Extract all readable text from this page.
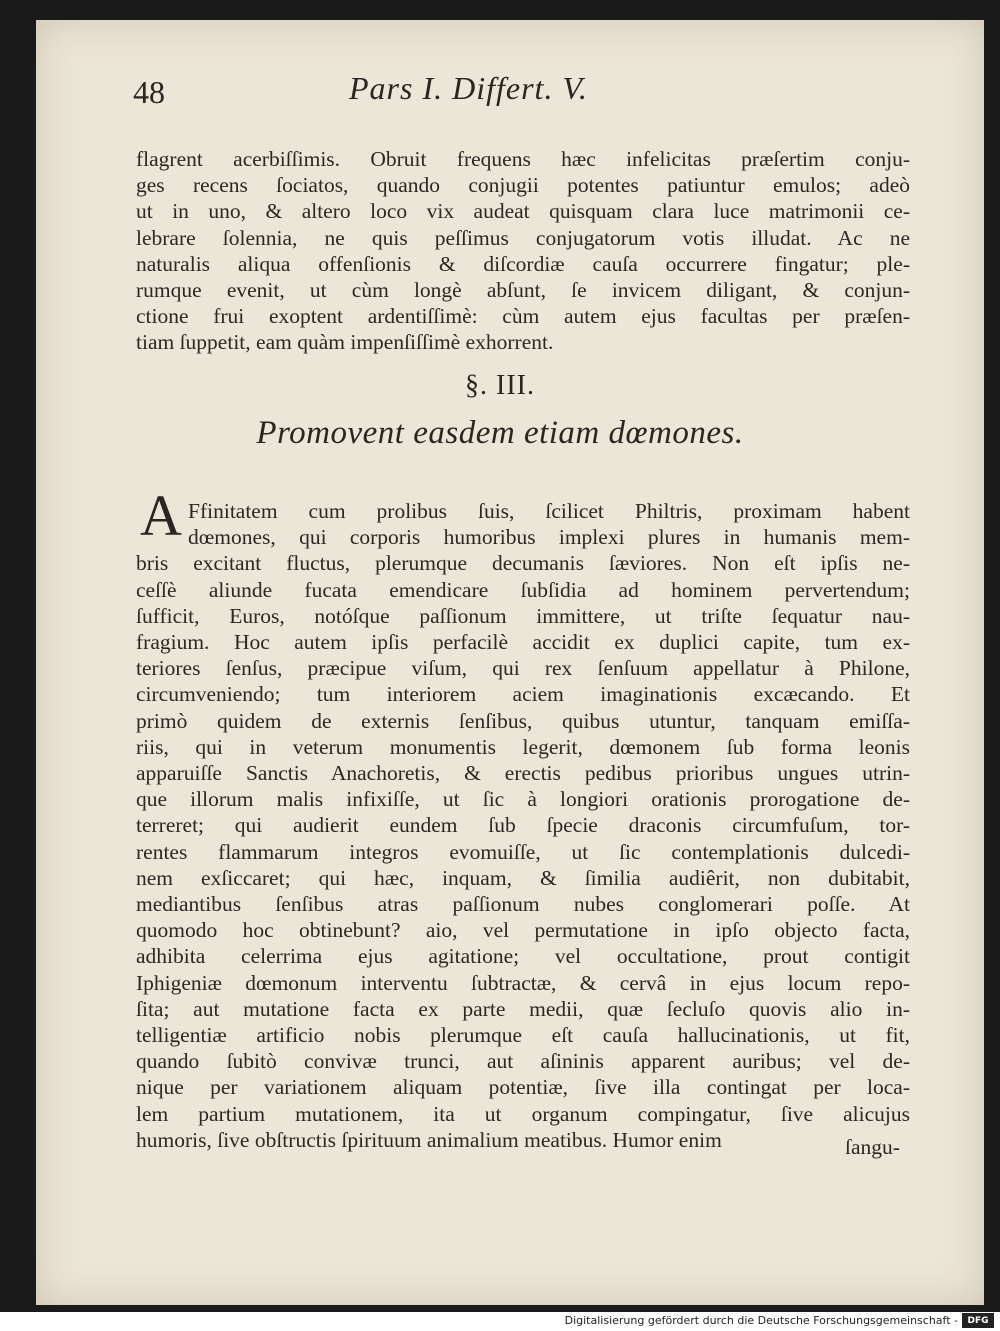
48	Pars I. Differt. V.
flagrent acerbiſſimis. Obruit frequens hæc infelicitas præſertim conju-
ges recens ſociatos, quando conjugii potentes patiuntur emulos; adeò
ut in uno, & altero loco vix audeat quisquam clara luce matrimonii ce-
lebrare ſolennia, ne quis peſſimus conjugatorum votis illudat. Ac ne
naturalis aliqua offenſionis & diſcordiæ cauſa occurrere fingatur; ple-
rumque evenit, ut cùm longè abſunt, ſe invicem diligant, & conjun-
ctione frui exoptent ardentiſſimè: cùm autem ejus facultas per præſen-
tiam ſuppetit, eam quàm impenſiſſimè exhorrent.
§. III.
Promovent easdem etiam dœmones.
A Ffinitatem cum prolibus ſuis, ſcilicet Philtris, proximam habent
dœmones, qui corporis humoribus implexi plures in humanis mem-
bris excitant fluctus, plerumque decumanis ſæviores. Non eſt ipſis ne-
ceſſè aliunde fucata emendicare ſubſidia ad hominem pervertendum;
ſufficit, Euros, notóſque paſſionum immittere, ut triſte ſequatur nau-
fragium. Hoc autem ipſis perfacilè accidit ex duplici capite, tum ex-
teriores ſenſus, præcipue viſum, qui rex ſenſuum appellatur à Philone,
circumveniendo; tum interiorem aciem imaginationis excæcando. Et
primò quidem de externis ſenſibus, quibus utuntur, tanquam emiſſa-
riis, qui in veterum monumentis legerit, dœmonem ſub forma leonis
apparuiſſe Sanctis Anachoretis, & erectis pedibus prioribus ungues utrin-
que illorum malis infixiſſe, ut ſic à longiori orationis prorogatione de-
terreret; qui audierit eundem ſub ſpecie draconis circumfuſum, tor-
rentes flammarum integros evomuiſſe, ut ſic contemplationis dulcedi-
nem exſiccaret; qui hæc, inquam, & ſimilia audiêrit, non dubitabit,
mediantibus ſenſibus atras paſſionum nubes conglomerari poſſe. At
quomodo hoc obtinebunt? aio, vel permutatione in ipſo objecto facta,
adhibita celerrima ejus agitatione; vel occultatione, prout contigit
Iphigeniæ dœmonum interventu ſubtractæ, & cervâ in ejus locum repo-
ſita; aut mutatione facta ex parte medii, quæ ſecluſo quovis alio in-
telligentiæ artificio nobis plerumque eſt cauſa hallucinationis, ut fit,
quando ſubitò convivæ trunci, aut aſininis apparent auribus; vel de-
nique per variationem aliquam potentiæ, ſive illa contingat per loca-
lem partium mutationem, ita ut organum compingatur, ſive alicujus
humoris, ſive obſtructis ſpirituum animalium meatibus. Humor enim	ſangu-
Digitalisierung gefördert durch die Deutsche Forschungsgemeinschaft -	DFG
